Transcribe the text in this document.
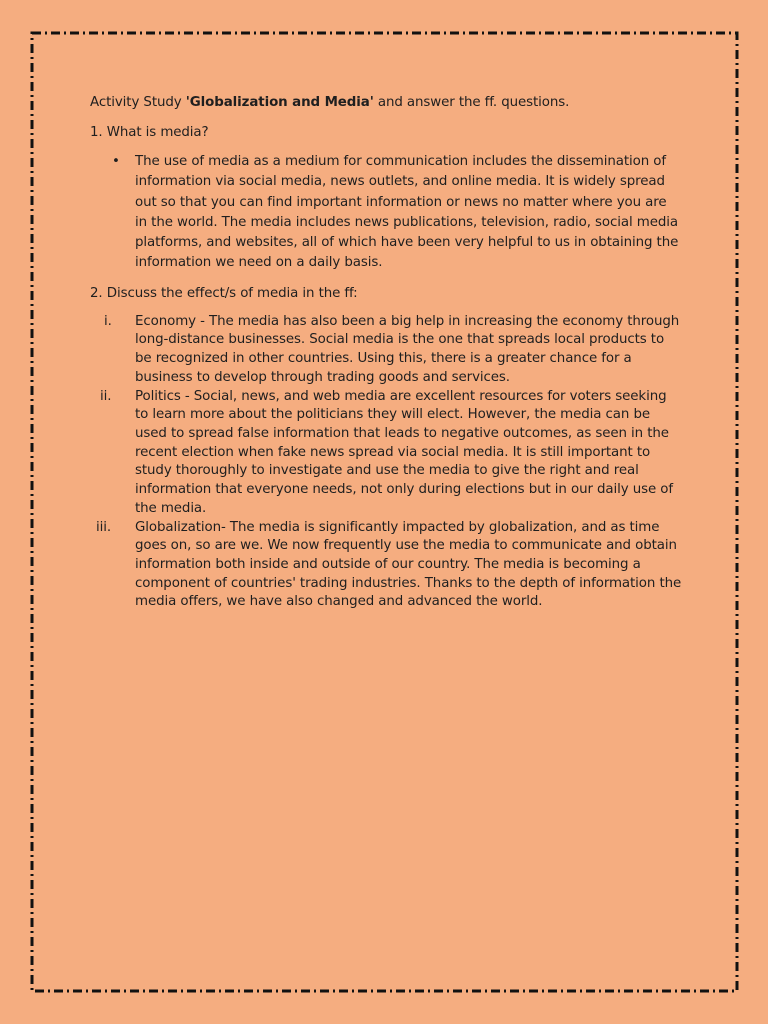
Activity Study 'Globalization and Media' and answer the ff. questions.

1. What is media?

• The use of media as a medium for communication includes the dissemination of information via social media, news outlets, and online media. It is widely spread out so that you can find important information or news no matter where you are in the world. The media includes news publications, television, radio, social media platforms, and websites, all of which have been very helpful to us in obtaining the information we need on a daily basis.

2. Discuss the effect/s of media in the ff:

i. Economy - The media has also been a big help in increasing the economy through long-distance businesses. Social media is the one that spreads local products to be recognized in other countries. Using this, there is a greater chance for a business to develop through trading goods and services.
ii. Politics - Social, news, and web media are excellent resources for voters seeking to learn more about the politicians they will elect. However, the media can be used to spread false information that leads to negative outcomes, as seen in the recent election when fake news spread via social media. It is still important to study thoroughly to investigate and use the media to give the right and real information that everyone needs, not only during elections but in our daily use of the media.
iii. Globalization- The media is significantly impacted by globalization, and as time goes on, so are we. We now frequently use the media to communicate and obtain information both inside and outside of our country. The media is becoming a component of countries' trading industries. Thanks to the depth of information the media offers, we have also changed and advanced the world.
